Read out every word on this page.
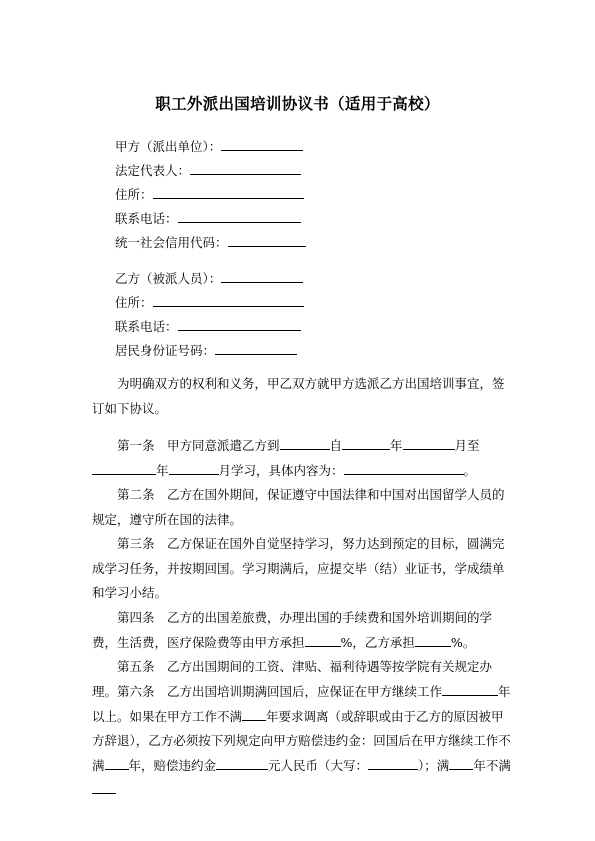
职工外派出国培训协议书（适用于高校）
甲方（派出单位）：
法定代表人：
住所：
联系电话：
统一社会信用代码：
乙方（被派人员）：
住所：
联系电话：
居民身份证号码：
为明确双方的权利和义务，甲乙双方就甲方选派乙方出国培训事宜，签订如下协议。
第一条　甲方同意派遣乙方到	自	年	月至年	月学习，具体内容为：	。
第二条　乙方在国外期间，保证遵守中国法律和中国对出国留学人员的规定，遵守所在国的法律。
第三条　乙方保证在国外自觉坚持学习，努力达到预定的目标，圆满完成学习任务，并按期回国。学习期满后，应提交毕（结）业证书，学成绩单和学习小结。
第四条　乙方的出国差旅费，办理出国的手续费和国外培训期间的学费，生活费，医疗保险费等由甲方承担	%，乙方承担	%。
第五条　乙方出国期间的工资、津贴、福利待遇等按学院有关规定办理。 第六条　乙方出国培训期满回国后，应保证在甲方继续工作	年以上。如果在甲方工作不满 年要求调离（或辞职或由于乙方的原因被甲方辞退），乙方必须按下列规定向甲方赔偿违约金：回国后在甲方继续工作不满 年，赔偿违约金	元人民币（大写：	）；满 年不满
